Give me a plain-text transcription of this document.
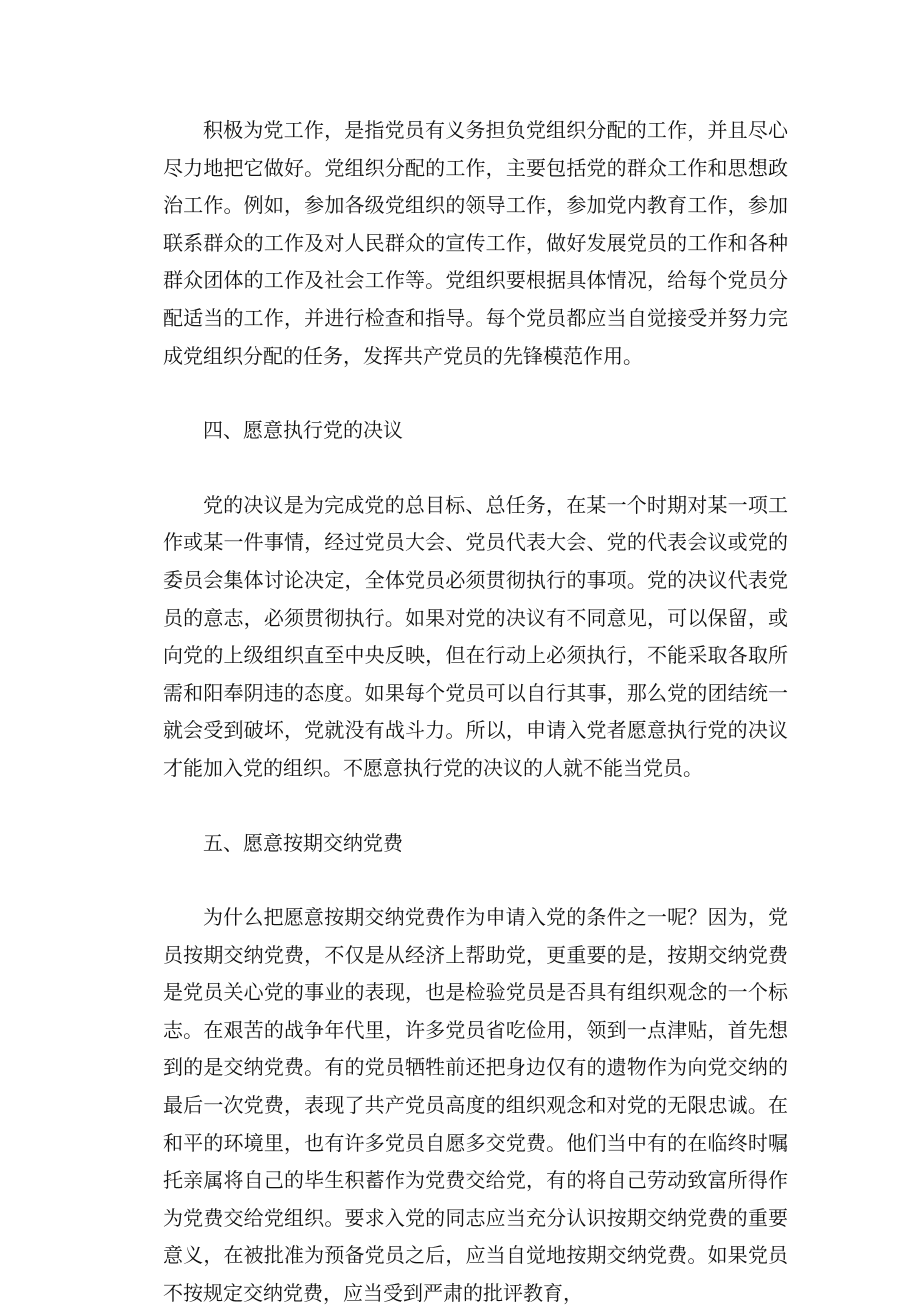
积极为党工作，是指党员有义务担负党组织分配的工作，并且尽心尽力地把它做好。党组织分配的工作，主要包括党的群众工作和思想政治工作。例如，参加各级党组织的领导工作，参加党内教育工作，参加联系群众的工作及对人民群众的宣传工作，做好发展党员的工作和各种群众团体的工作及社会工作等。党组织要根据具体情况，给每个党员分配适当的工作，并进行检查和指导。每个党员都应当自觉接受并努力完成党组织分配的任务，发挥共产党员的先锋模范作用。

四、愿意执行党的决议

党的决议是为完成党的总目标、总任务，在某一个时期对某一项工作或某一件事情，经过党员大会、党员代表大会、党的代表会议或党的委员会集体讨论决定，全体党员必须贯彻执行的事项。党的决议代表党员的意志，必须贯彻执行。如果对党的决议有不同意见，可以保留，或向党的上级组织直至中央反映，但在行动上必须执行，不能采取各取所需和阳奉阴违的态度。如果每个党员可以自行其事，那么党的团结统一就会受到破坏，党就没有战斗力。所以，申请入党者愿意执行党的决议才能加入党的组织。不愿意执行党的决议的人就不能当党员。

五、愿意按期交纳党费

为什么把愿意按期交纳党费作为申请入党的条件之一呢？因为，党员按期交纳党费，不仅是从经济上帮助党，更重要的是，按期交纳党费是党员关心党的事业的表现，也是检验党员是否具有组织观念的一个标志。在艰苦的战争年代里，许多党员省吃俭用，领到一点津贴，首先想到的是交纳党费。有的党员牺牲前还把身边仅有的遗物作为向党交纳的最后一次党费，表现了共产党员高度的组织观念和对党的无限忠诚。在和平的环境里，也有许多党员自愿多交党费。他们当中有的在临终时嘱托亲属将自己的毕生积蓄作为党费交给党，有的将自己劳动致富所得作为党费交给党组织。要求入党的同志应当充分认识按期交纳党费的重要意义，在被批准为预备党员之后，应当自觉地按期交纳党费。如果党员不按规定交纳党费，应当受到严肃的批评教育，
